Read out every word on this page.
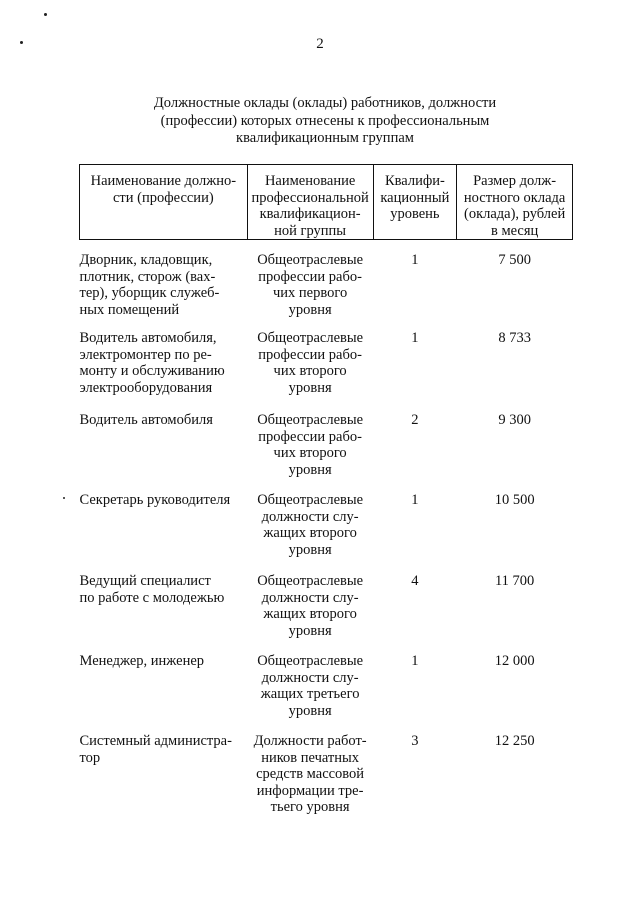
2
Должностные оклады (оклады) работников, должности
(профессии) которых отнесены к профессиональным
квалификационным группам
Наименование должно-
сти (профессии)	Наименование
профессиональной
квалификацион-
ной группы	Квалифи-
кационный
уровень	Размер долж-
ностного оклада
(оклада), рублей
в месяц

Дворник, кладовщик,
плотник, сторож (вах-
тер), уборщик служеб-
ных помещений	Общеотраслевые
профессии рабо-
чих первого
уровня	1	7 500

Водитель автомобиля,
электромонтер по ре-
монту и обслуживанию
электрооборудования	Общеотраслевые
профессии рабо-
чих второго
уровня	1	8 733

Водитель автомобиля	Общеотраслевые
профессии рабо-
чих второго
уровня	2	9 300

Секретарь руководителя	Общеотраслевые
должности слу-
жащих второго
уровня	1	10 500

Ведущий специалист
по работе с молодежью	Общеотраслевые
должности слу-
жащих второго
уровня	4	11 700

Менеджер, инженер	Общеотраслевые
должности слу-
жащих третьего
уровня	1	12 000

Системный администра-
тор	Должности работ-
ников печатных
средств массовой
информации тре-
тьего уровня	3	12 250
